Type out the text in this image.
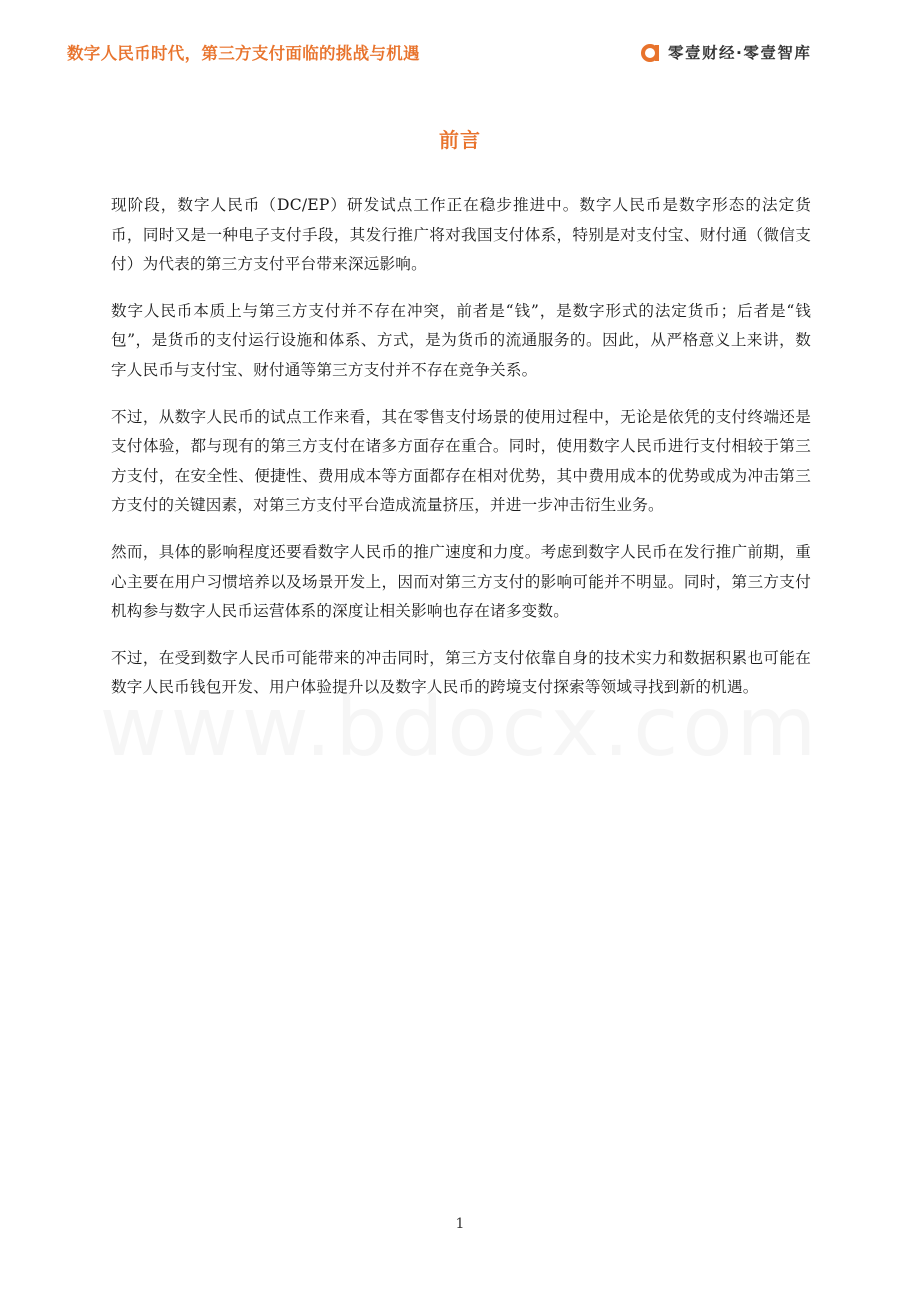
数字人民币时代，第三方支付面临的挑战与机遇	零壹财经·零壹智库
前言

现阶段，数字人民币（DC/EP）研发试点工作正在稳步推进中。数字人民币是数字形态的法定货币，同时又是一种电子支付手段，其发行推广将对我国支付体系，特别是对支付宝、财付通（微信支付）为代表的第三方支付平台带来深远影响。

数字人民币本质上与第三方支付并不存在冲突，前者是“钱”，是数字形式的法定货币；后者是“钱包”，是货币的支付运行设施和体系、方式，是为货币的流通服务的。因此，从严格意义上来讲，数字人民币与支付宝、财付通等第三方支付并不存在竞争关系。

不过，从数字人民币的试点工作来看，其在零售支付场景的使用过程中，无论是依凭的支付终端还是支付体验，都与现有的第三方支付在诸多方面存在重合。同时，使用数字人民币进行支付相较于第三方支付，在安全性、便捷性、费用成本等方面都存在相对优势，其中费用成本的优势或成为冲击第三方支付的关键因素，对第三方支付平台造成流量挤压，并进一步冲击衍生业务。

然而，具体的影响程度还要看数字人民币的推广速度和力度。考虑到数字人民币在发行推广前期，重心主要在用户习惯培养以及场景开发上，因而对第三方支付的影响可能并不明显。同时，第三方支付机构参与数字人民币运营体系的深度让相关影响也存在诸多变数。

不过，在受到数字人民币可能带来的冲击同时，第三方支付依靠自身的技术实力和数据积累也可能在数字人民币钱包开发、用户体验提升以及数字人民币的跨境支付探索等领域寻找到新的机遇。

1
